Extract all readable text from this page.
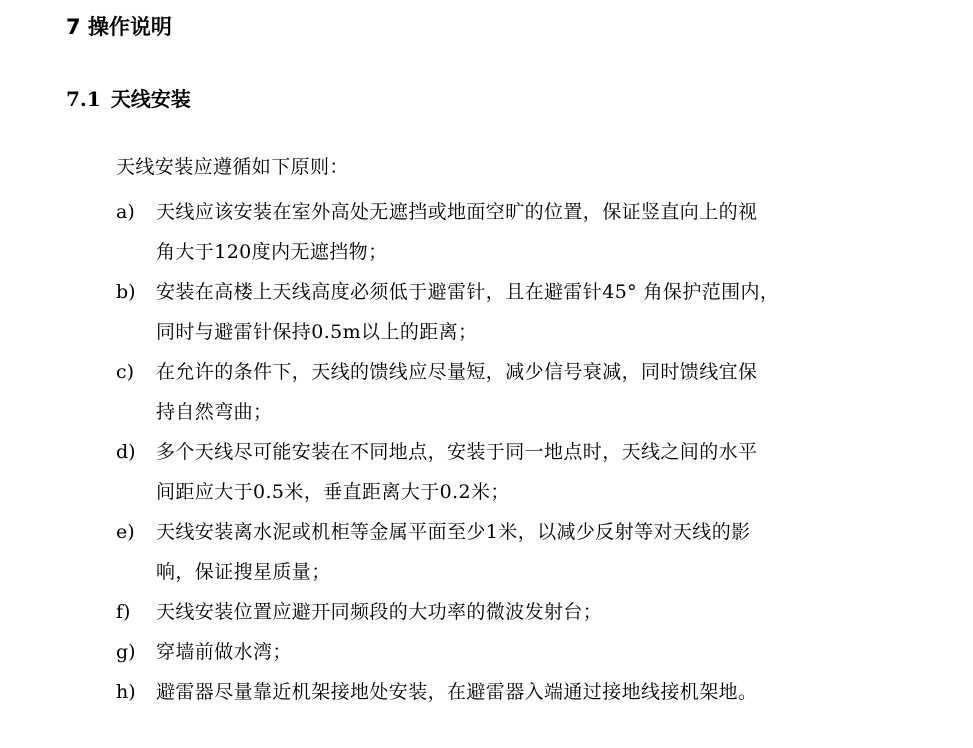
7 操作说明
7.1 天线安装
天线安装应遵循如下原则：
a) 天线应该安装在室外高处无遮挡或地面空旷的位置，保证竖直向上的视
角大于120度内无遮挡物；
b) 安装在高楼上天线高度必须低于避雷针，且在避雷针45° 角保护范围内，
同时与避雷针保持0.5m以上的距离；
c) 在允许的条件下，天线的馈线应尽量短，减少信号衰减，同时馈线宜保
持自然弯曲；
d) 多个天线尽可能安装在不同地点，安装于同一地点时，天线之间的水平
间距应大于0.5米，垂直距离大于0.2米；
e) 天线安装离水泥或机柜等金属平面至少1米，以减少反射等对天线的影
响，保证搜星质量；
f) 天线安装位置应避开同频段的大功率的微波发射台；
g) 穿墙前做水湾；
h) 避雷器尽量靠近机架接地处安装，在避雷器入端通过接地线接机架地。
